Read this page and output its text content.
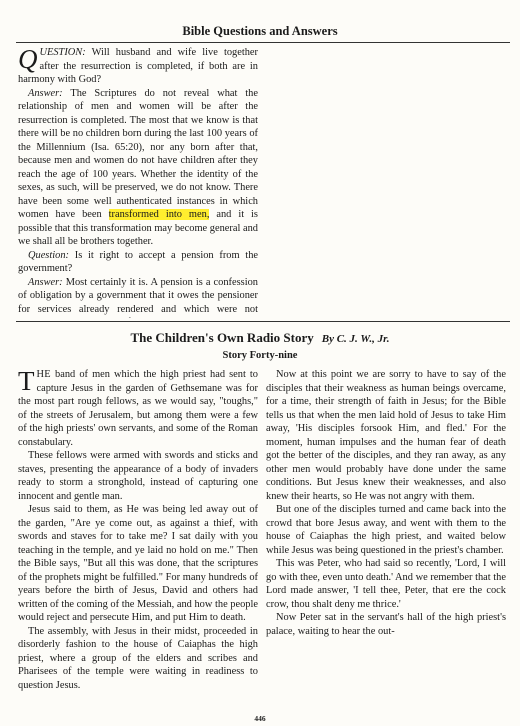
Bible Questions and Answers

QUESTION: Will husband and wife live together after the resurrection is completed, if both are in harmony with God?

Answer: The Scriptures do not reveal what the relationship of men and women will be after the resurrection is completed. The most that we know is that there will be no children born during the last 100 years of the Millennium (Isa. 65:20), nor any born after that, because men and women do not have children after they reach the age of 100 years. Whether the identity of the sexes, as such, will be preserved, we do not know. There have been some well authenticated instances in which women have been transformed into men, and it is possible that this transformation may become general and we shall all be brothers together.

Question: Is it right to accept a pension from the government?

Answer: Most certainly it is. A pension is a confession of obligation by a government that it owes the pensioner for services already rendered and which were not

The Children's Own Radio Story By C. J. W., Jr.
Story Forty-nine

THE band of men which the high priest had sent to capture Jesus in the garden of Gethsemane was for the most part rough fellows, as we would say, "toughs," of the streets of Jerusalem, but among them were a few of the high priests' own servants, and some of the Roman constabulary.

These fellows were armed with swords and sticks and staves, presenting the appearance of a body of invaders ready to storm a stronghold, instead of capturing one innocent and gentle man.

Jesus said to them, as He was being led away out of the garden, "Are ye come out, as against a thief, with swords and staves for to take me? I sat daily with you teaching in the temple, and ye laid no hold on me." Then the Bible says, "But all this was done, that the scriptures of the prophets might be fulfilled." For many hundreds of years before the birth of Jesus, David and others had written of the coming of the Messiah, and how the people would reject and persecute Him, and put Him to death.

The assembly, with Jesus in their midst, proceeded in disorderly fashion to the house of Caiaphas the high priest, where a group of the elders and scribes and Pharisees of the temple were waiting in readiness to question Jesus.

Now at this point we are sorry to have to say of the disciples that their weakness as human beings overcame, for a time, their strength of faith in Jesus; for the Bible tells us that when the men laid hold of Jesus to take Him away, 'His disciples forsook Him, and fled.' For the moment, human impulses and the human fear of death got the better of the disciples, and they ran away, as any other men would probably have done under the same conditions. But Jesus knew their weaknesses, and also knew their hearts, so He was not angry with them.

But one of the disciples turned and came back into the crowd that bore Jesus away, and went with them to the house of Caiaphas the high priest, and waited below while Jesus was being questioned in the priest's chamber.

This was Peter, who had said so recently, 'Lord, I will go with thee, even unto death.' And we remember that the Lord made answer, 'I tell thee, Peter, that ere the cock crow, thou shalt deny me thrice.'

Now Peter sat in the servant's hall of the high priest's palace, waiting to hear the out-

446
